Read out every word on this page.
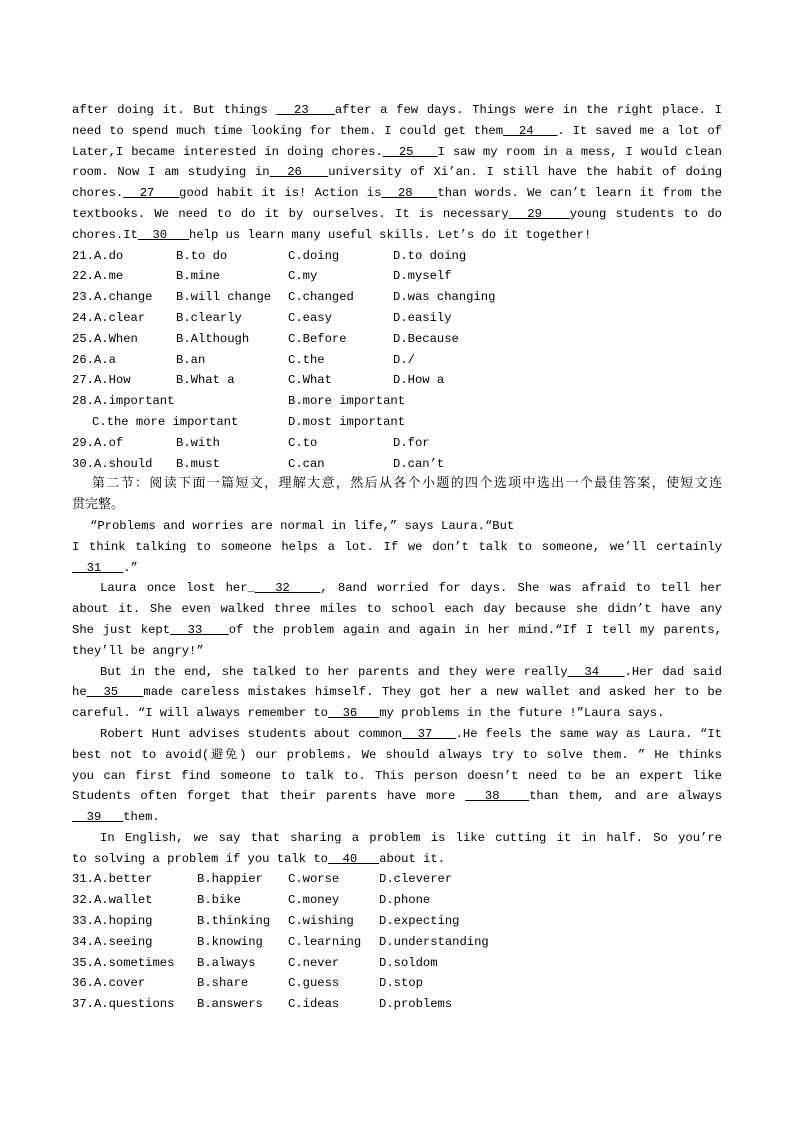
after doing it. But things   23   after a few days. Things were in the right place. I
need to spend much time looking for them. I could get them  24   . It saved me a lot of
Later,I became interested in doing chores.  25   I saw my room in a mess, I would clean
room. Now I am studying in  26   university of Xi’an. I still have the habit of doing
chores.  27   good habit it is! Action is  28   than words. We can’t learn it from the
textbooks. We need to do it by ourselves. It is necessary  29   young students to do
chores.It  30   help us learn many useful skills. Let’s do it together!
21.A.do	B.to do	C.doing	D.to doing
22.A.me	B.mine	C.my	D.myself
23.A.change B.will change C.changed	D.was changing
24.A.clear	B.clearly	C.easy	D.easily
25.A.When	B.Although	C.Before	D.Because
26.A.a	B.an	C.the	D./
27.A.How	B.What a	C.What	D.How a
28.A.important	B.more important
C.the more important	D.most important
29.A.of	B.with	C.to	D.for
30.A.should B.must	C.can	D.can’t
第二节：阅读下面一篇短文，理解大意，然后从各个小题的四个选项中选出一个最佳答案，使短文连
贯完整。
“Problems and worries are normal in life,” says Laura.“But
I think talking to someone helps a lot. If we don’t talk to someone, we’ll certainly
31   .”
Laura once lost her_  32   , 8and worried for days. She was afraid to tell her
about it. She even walked three miles to school each day because she didn’t have any
She just kept  33   of the problem again and again in her mind.“If I tell my parents,
they’ll be angry!”
But in the end, she talked to her parents and they were really  34   .Her dad said
he  35   made careless mistakes himself. They got her a new wallet and asked her to be
careful. “I will always remember to  36   my problems in the future !”Laura says.
Robert Hunt advises students about common  37   .He feels the same way as Laura. “It
best not to avoid(避免) our problems. We should always try to solve them. ” He thinks
you can first find someone to talk to. This person doesn’t need to be an expert like
Students often forget that their parents have more   38   than them, and are always
39   them.
In English, we say that sharing a problem is like cutting it in half. So you’re
to solving a problem if you talk to  40   about it.
31.A.better	B.happier C.worse	D.cleverer
32.A.wallet	B.bike	C.money	D.phone
33.A.hoping	B.thinking C.wishing D.expecting
34.A.seeing	B.knowing C.learning D.understanding
35.A.sometimes B.always	C.never	D.soldom
36.A.cover	B.share	C.guess	D.stop
37.A.questions B.answers C.ideas	D.problems
